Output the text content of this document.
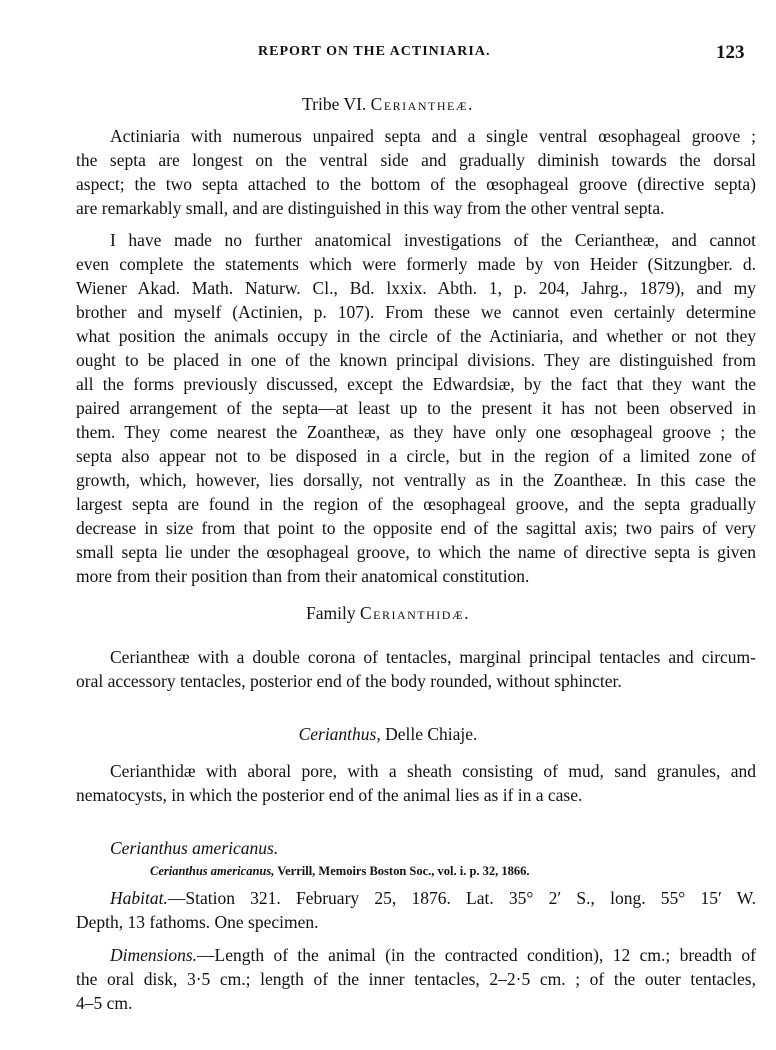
REPORT ON THE ACTINIARIA.	123
Tribe VI. Ceriantheæ.
Actiniaria with numerous unpaired septa and a single ventral œsophageal groove ;
the septa are longest on the ventral side and gradually diminish towards the dorsal
aspect; the two septa attached to the bottom of the œsophageal groove (directive septa)
are remarkably small, and are distinguished in this way from the other ventral septa.
I have made no further anatomical investigations of the Ceriantheæ, and cannot
even complete the statements which were formerly made by von Heider (Sitzungber. d.
Wiener Akad. Math. Naturw. Cl., Bd. lxxix. Abth. 1, p. 204, Jahrg., 1879), and my
brother and myself (Actinien, p. 107). From these we cannot even certainly determine
what position the animals occupy in the circle of the Actiniaria, and whether or not they
ought to be placed in one of the known principal divisions. They are distinguished from
all the forms previously discussed, except the Edwardsiæ, by the fact that they want the
paired arrangement of the septa—at least up to the present it has not been observed in
them. They come nearest the Zoantheæ, as they have only one œsophageal groove ; the
septa also appear not to be disposed in a circle, but in the region of a limited zone of
growth, which, however, lies dorsally, not ventrally as in the Zoantheæ. In this case the
largest septa are found in the region of the œsophageal groove, and the septa gradually
decrease in size from that point to the opposite end of the sagittal axis; two pairs of very
small septa lie under the œsophageal groove, to which the name of directive septa is given
more from their position than from their anatomical constitution.
Family Cerianthidæ.
Ceriantheæ with a double corona of tentacles, marginal principal tentacles and circum-
oral accessory tentacles, posterior end of the body rounded, without sphincter.
Cerianthus, Delle Chiaje.
Cerianthidæ with aboral pore, with a sheath consisting of mud, sand granules, and
nematocysts, in which the posterior end of the animal lies as if in a case.
Cerianthus americanus.
Cerianthus americanus, Verrill, Memoirs Boston Soc., vol. i. p. 32, 1866.
Habitat.—Station 321. February 25, 1876. Lat. 35° 2′ S., long. 55° 15′ W.
Depth, 13 fathoms. One specimen.
Dimensions.—Length of the animal (in the contracted condition), 12 cm.; breadth of
the oral disk, 3·5 cm.; length of the inner tentacles, 2–2·5 cm. ; of the outer tentacles,
4–5 cm.
